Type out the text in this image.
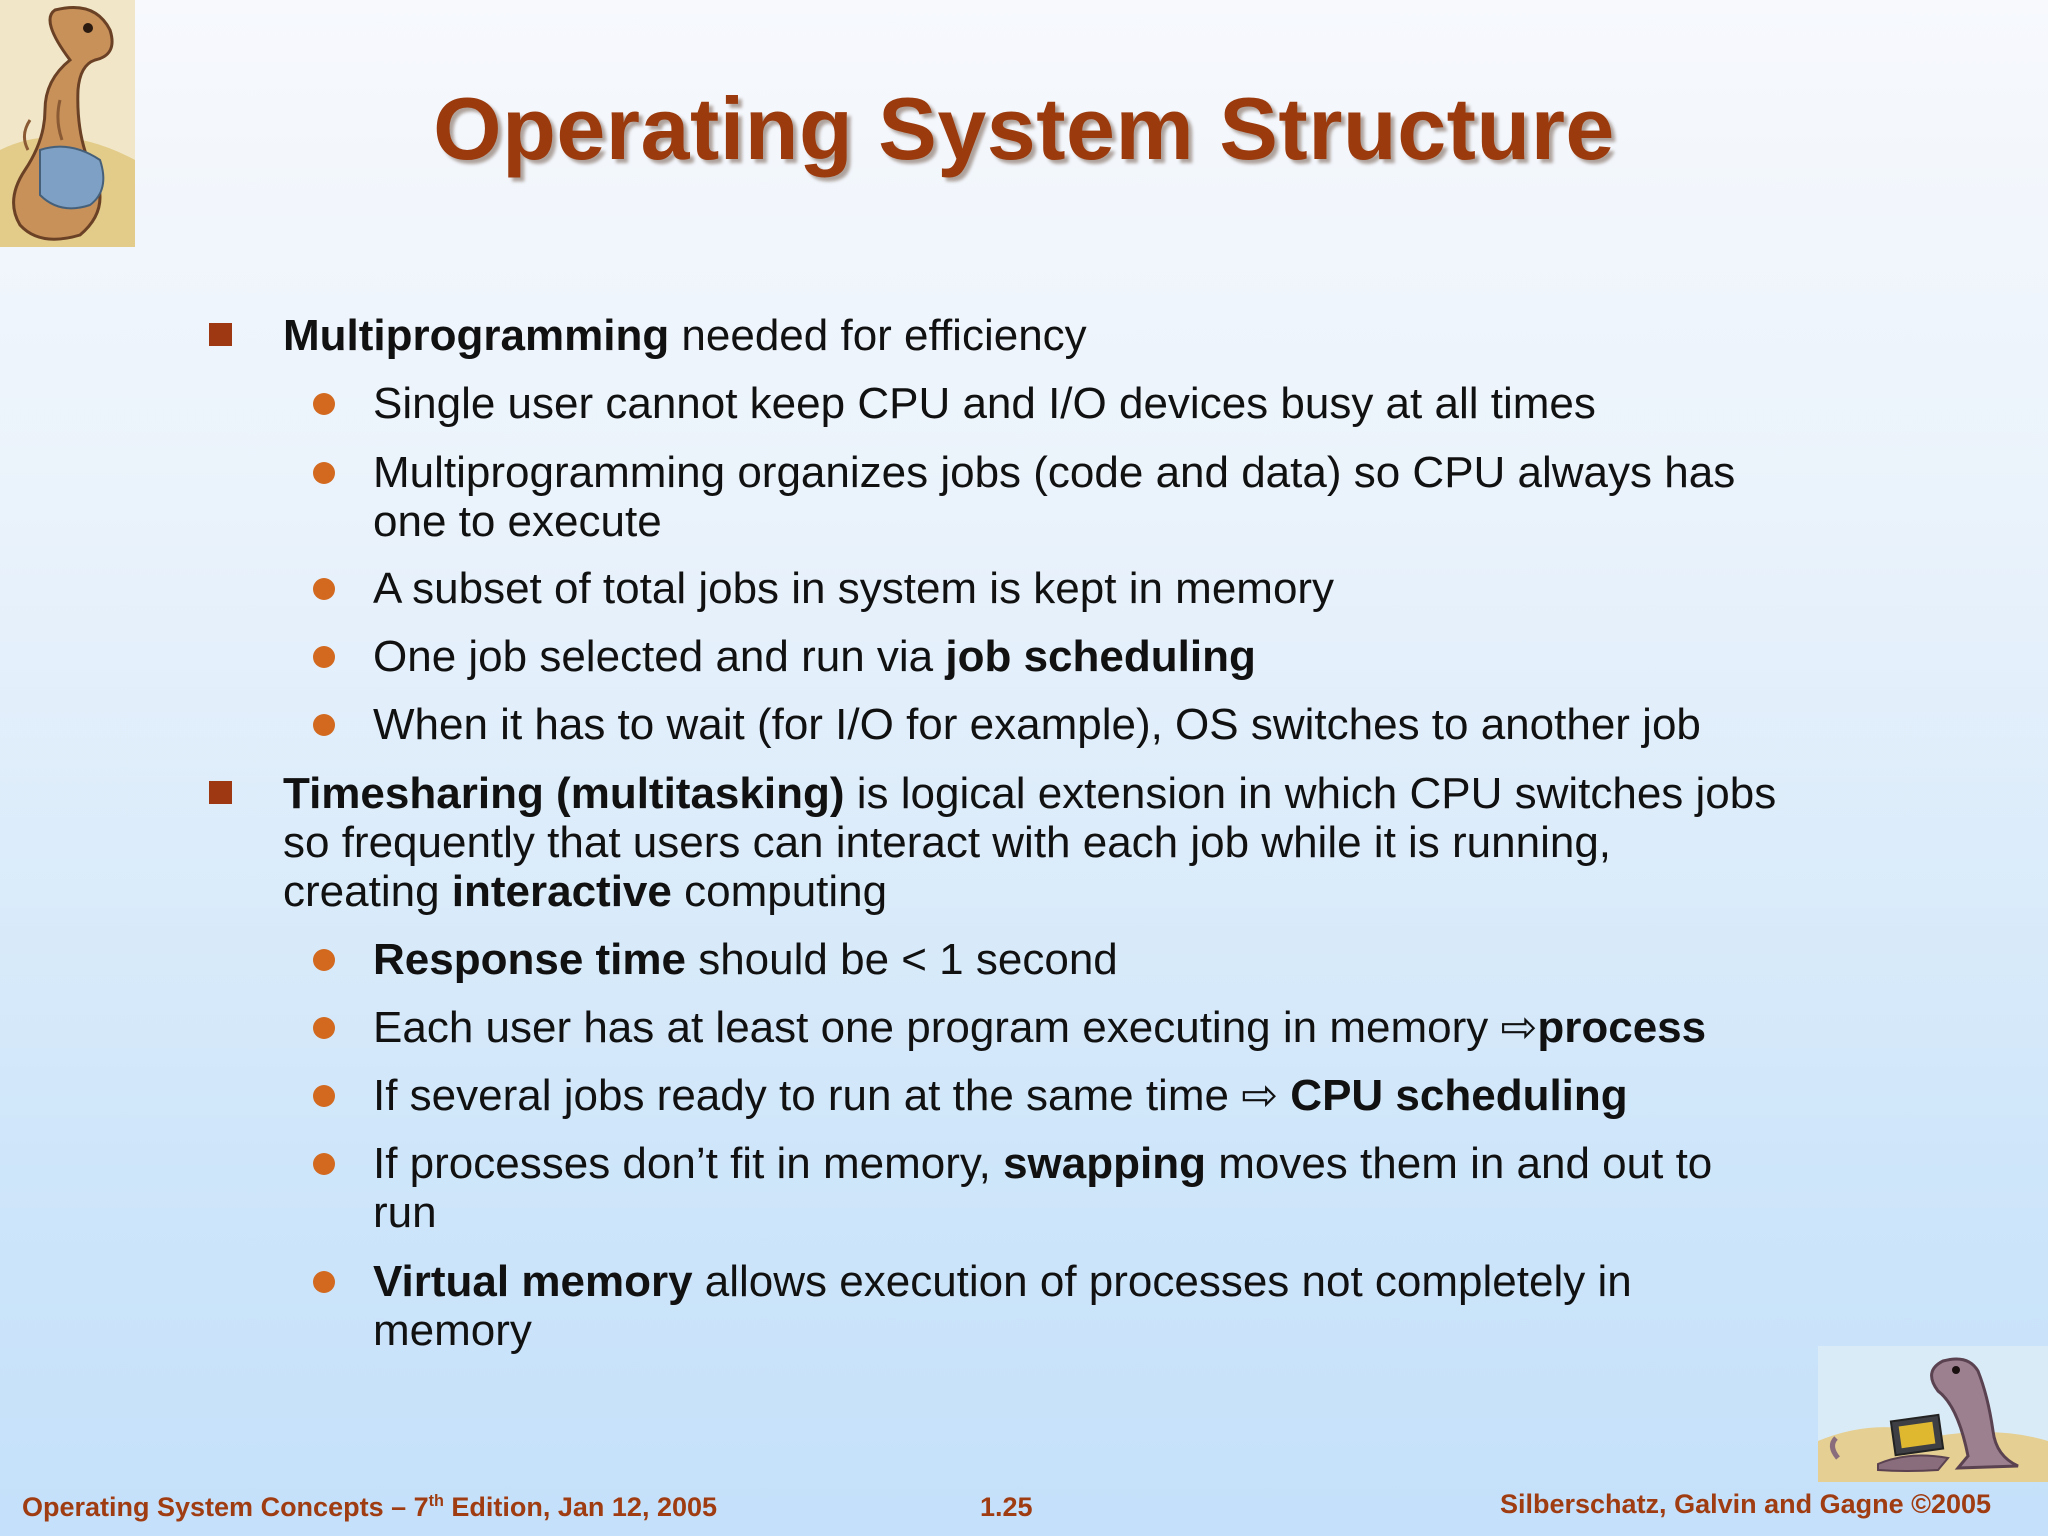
Operating System Structure
Multiprogramming needed for efficiency
Single user cannot keep CPU and I/O devices busy at all times
Multiprogramming organizes jobs (code and data) so CPU always has
one to execute
A subset of total jobs in system is kept in memory
One job selected and run via job scheduling
When it has to wait (for I/O for example), OS switches to another job
Timesharing (multitasking) is logical extension in which CPU switches jobs
so frequently that users can interact with each job while it is running,
creating interactive computing
Response time should be < 1 second
Each user has at least one program executing in memory ⇨process
If several jobs ready to run at the same time ⇨ CPU scheduling
If processes don’t fit in memory, swapping moves them in and out to
run
Virtual memory allows execution of processes not completely in
memory
Operating System Concepts – 7th Edition, Jan 12, 2005	1.25	Silberschatz, Galvin and Gagne ©2005
